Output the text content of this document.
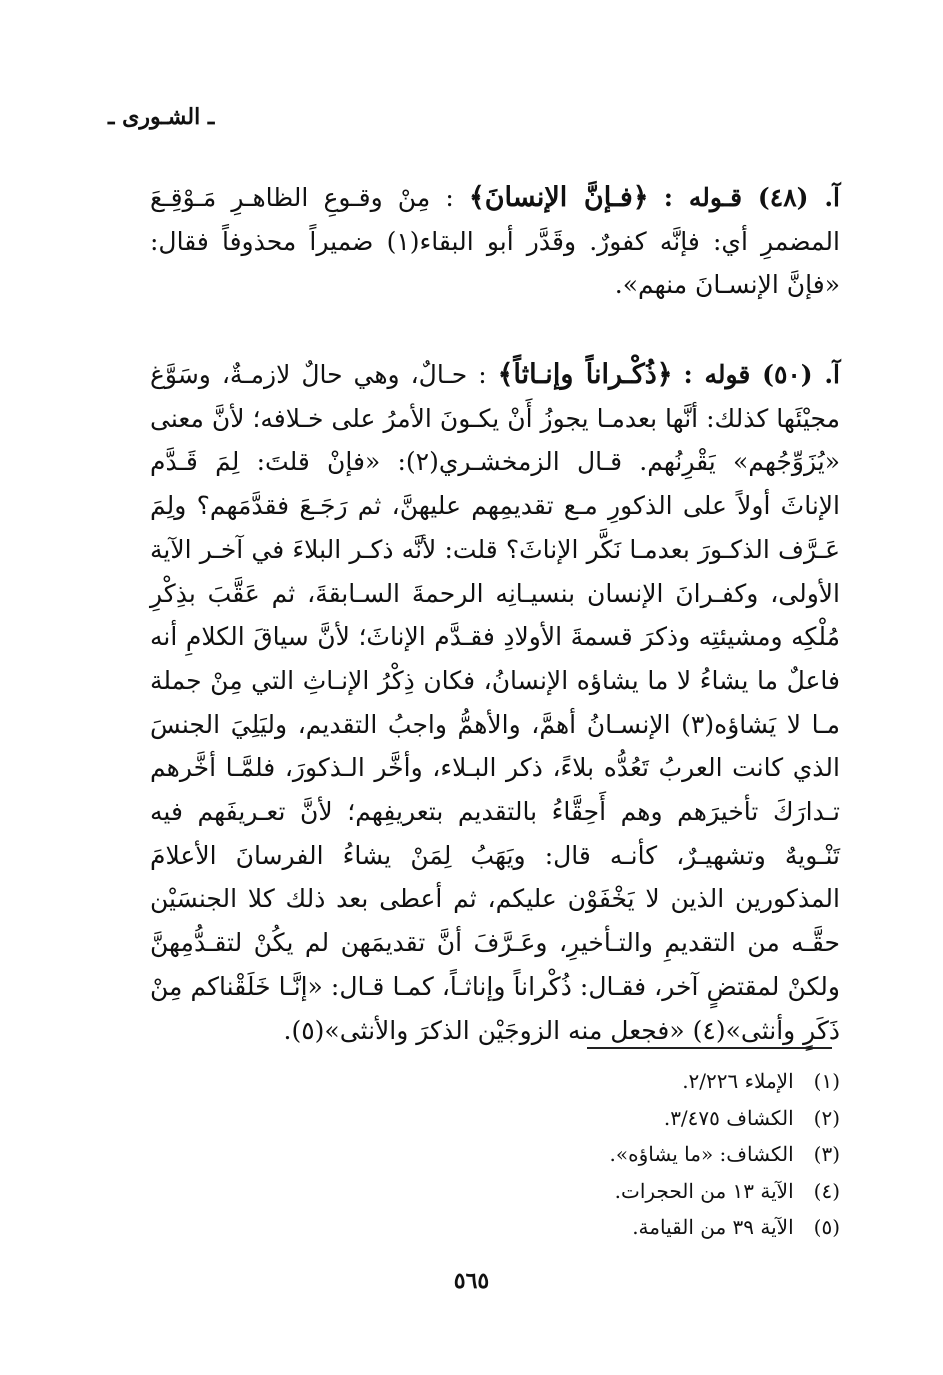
ـ الشـورى ـ

آ. (٤٨) قـوله : ﴿فـإنَّ الإنسانَ﴾ : مِنْ وقـوعِ الظاهـرِ مَـوْقِـعَ المضمرِ أي: فإنَّه كفورٌ. وقَدَّر أبو البقاء(١) ضميراً محذوفاً فقال: «فإنَّ الإنسـانَ منهم».

آ. (٥٠) قوله : ﴿ذُكْـراناً وإنـاثاً﴾ : حـالٌ، وهي حالٌ لازمـةٌ، وسَوَّغ مجيْئَها كذلك: أنَّها بعدمـا يجوزُ أَنْ يكـونَ الأمرُ على خـلافه؛ لأنَّ معنى «يُزَوِّجُهم» يَقْرِنُهم. قـال الزمخشـري(٢): «فإنْ قلتَ: لِمَ قَـدَّم الإناثَ أولاً على الذكورِ مـع تقديمِهم عليهنَّ، ثم رَجَـعَ فقدَّمَهم؟ ولِمَ عَـرَّف الذكـورَ بعدمـا نَكَّر الإناثَ؟ قلت: لأنَّه ذكـر البلاءَ في آخـر الآية الأولى، وكفـرانَ الإنسان بنسيـانِه الرحمةَ السـابقةَ، ثم عَقَّبَ بذِكْرِ مُلْكِه ومشيئتِه وذكرَ قسمةَ الأولادِ فقـدَّم الإناثَ؛ لأنَّ سياقَ الكلامِ أنه فاعلٌ ما يشاءُ لا ما يشاؤه الإنسانُ، فكان ذِكْرُ الإنـاثِ التي مِنْ جملة مـا لا يَشاؤه(٣) الإنسـانُ أهمَّ، والأهمُّ واجبُ التقديم، وليَلِيَ الجنسَ الذي كانت العربُ تَعُدُّه بلاءً، ذكر البـلاء، وأخَّر الـذكورَ، فلمَّـا أخَّرهم تـدارَكَ تأخيرَهم وهم أَحِقَّاءُ بالتقديم بتعريفِهم؛ لأنَّ تعـريفَهم فيه تَنْـويهٌ وتشهيـرٌ، كأنـه قال: ويَهَبُ لِمَنْ يشاءُ الفرسانَ الأعلامَ المذكورين الذين لا يَخْفَوْن عليكم، ثم أعطى بعد ذلك كلا الجنسَيْن حقَّـه من التقديمِ والتـأخيرِ، وعَـرَّفَ أنَّ تقديمَهن لم يكُنْ لتقـدُّمِهنَّ ولكنْ لمقتضٍ آخر، فقـال: ذُكْراناً وإناثـاً، كمـا قـال: «إنَّـا خَلَقْناكم مِنْ ذَكَرٍ وأنثى»(٤) «فجعل منه الزوجَيْن الذكرَ والأنثى»(٥).

(١) الإملاء ٢/٢٢٦.
(٢) الكشاف ٣/٤٧٥.
(٣) الكشاف: «ما يشاؤه».
(٤) الآية ١٣ من الحجرات.
(٥) الآية ٣٩ من القيامة.
٥٦٥
